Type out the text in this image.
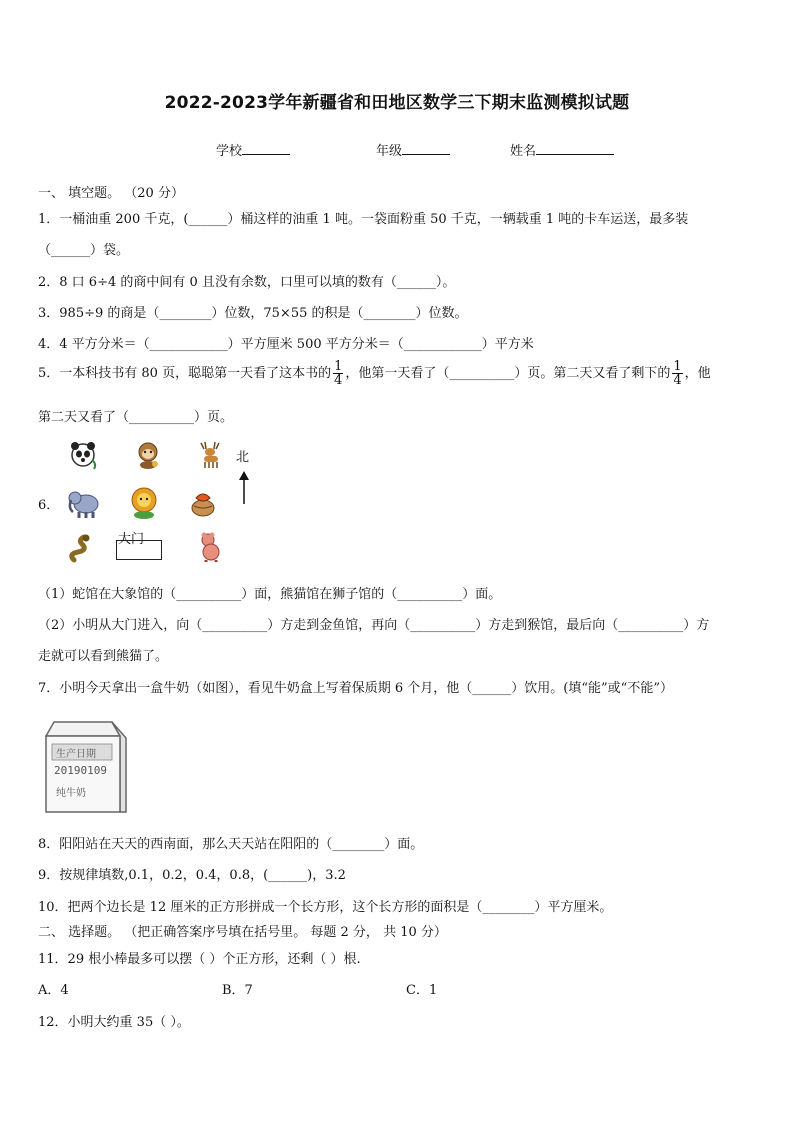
2022-2023学年新疆省和田地区数学三下期末监测模拟试题
学校	年级	姓名
一、 填空题。 （20 分）
1．一桶油重 200 千克，(______）桶这样的油重 1 吨。一袋面粉重 50 千克，一辆载重 1 吨的卡车运送，最多装
（______）袋。
2．8 口 6÷4 的商中间有 0 且没有余数，口里可以填的数有（______）。
3．985÷9 的商是（________）位数，75×55 的积是（________）位数。
4．4 平方分米＝（____________）平方厘米 500 平方分米＝（____________）平方米
5．一本科技书有 80 页，聪聪第一天看了这本书的 $\frac{1}{4}$ ，他第一天看了（__________）页。第二天又看了剩下的 $\frac{1}{4}$ ，他
第二天又看了（__________）页。
6．
北
大门
（1）蛇馆在大象馆的（__________）面，熊猫馆在狮子馆的（__________）面。
（2）小明从大门进入，向（__________）方走到金鱼馆，再向（__________）方走到猴馆，最后向（__________）方
走就可以看到熊猫了。
7．小明今天拿出一盒牛奶（如图），看见牛奶盒上写着保质期 6 个月，他（______）饮用。(填“能”或“不能”）
生产日期
20190109
纯牛奶
8．阳阳站在天天的西南面，那么天天站在阳阳的（________）面。
9．按规律填数,0.1，0.2，0.4，0.8，(______)，3.2
10．把两个边长是 12 厘米的正方形拼成一个长方形，这个长方形的面积是（________）平方厘米。
二、 选择题。 （把正确答案序号填在括号里。 每题 2 分， 共 10 分）
11．29 根小棒最多可以摆（ ）个正方形，还剩（ ）根.
A．4	B．7	C．1
12．小明大约重 35（ ）。
